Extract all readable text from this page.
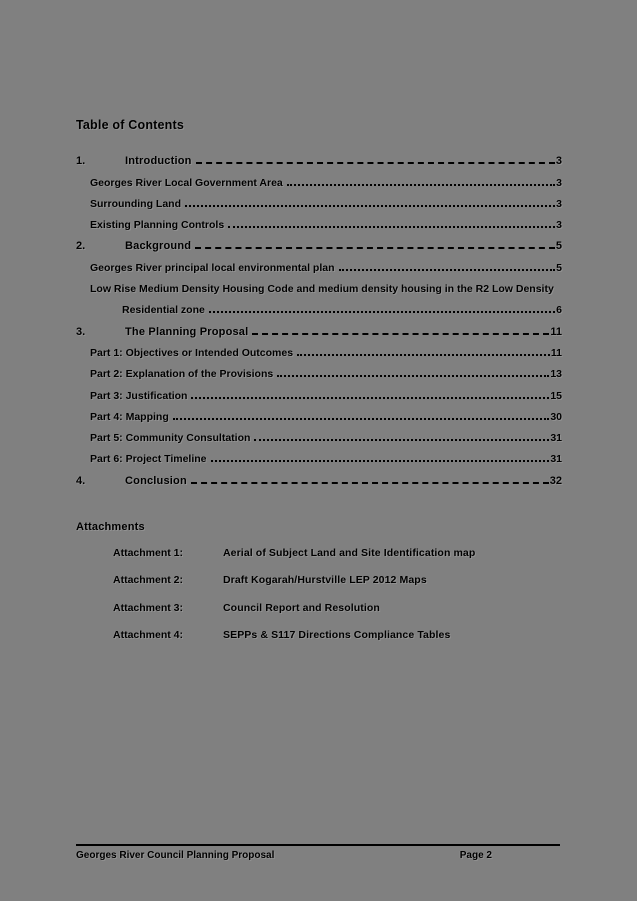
Table of Contents
1.	Introduction	3
Georges River Local Government Area	3
Surrounding Land	3
Existing Planning Controls	3
2.	Background	5
Georges River principal local environmental plan	5
Low Rise Medium Density Housing Code and medium density housing in the R2 Low Density
Residential zone	6
3.	The Planning Proposal	11
Part 1: Objectives or Intended Outcomes	11
Part 2: Explanation of the Provisions	13
Part 3: Justification	15
Part 4: Mapping	30
Part 5: Community Consultation	31
Part 6: Project Timeline	31
4.	Conclusion	32
Attachments
Attachment 1:	Aerial of Subject Land and Site Identification map
Attachment 2:	Draft Kogarah/Hurstville LEP 2012 Maps
Attachment 3:	Council Report and Resolution
Attachment 4:	SEPPs & S117 Directions Compliance Tables
Georges River Council Planning Proposal	Page 2
